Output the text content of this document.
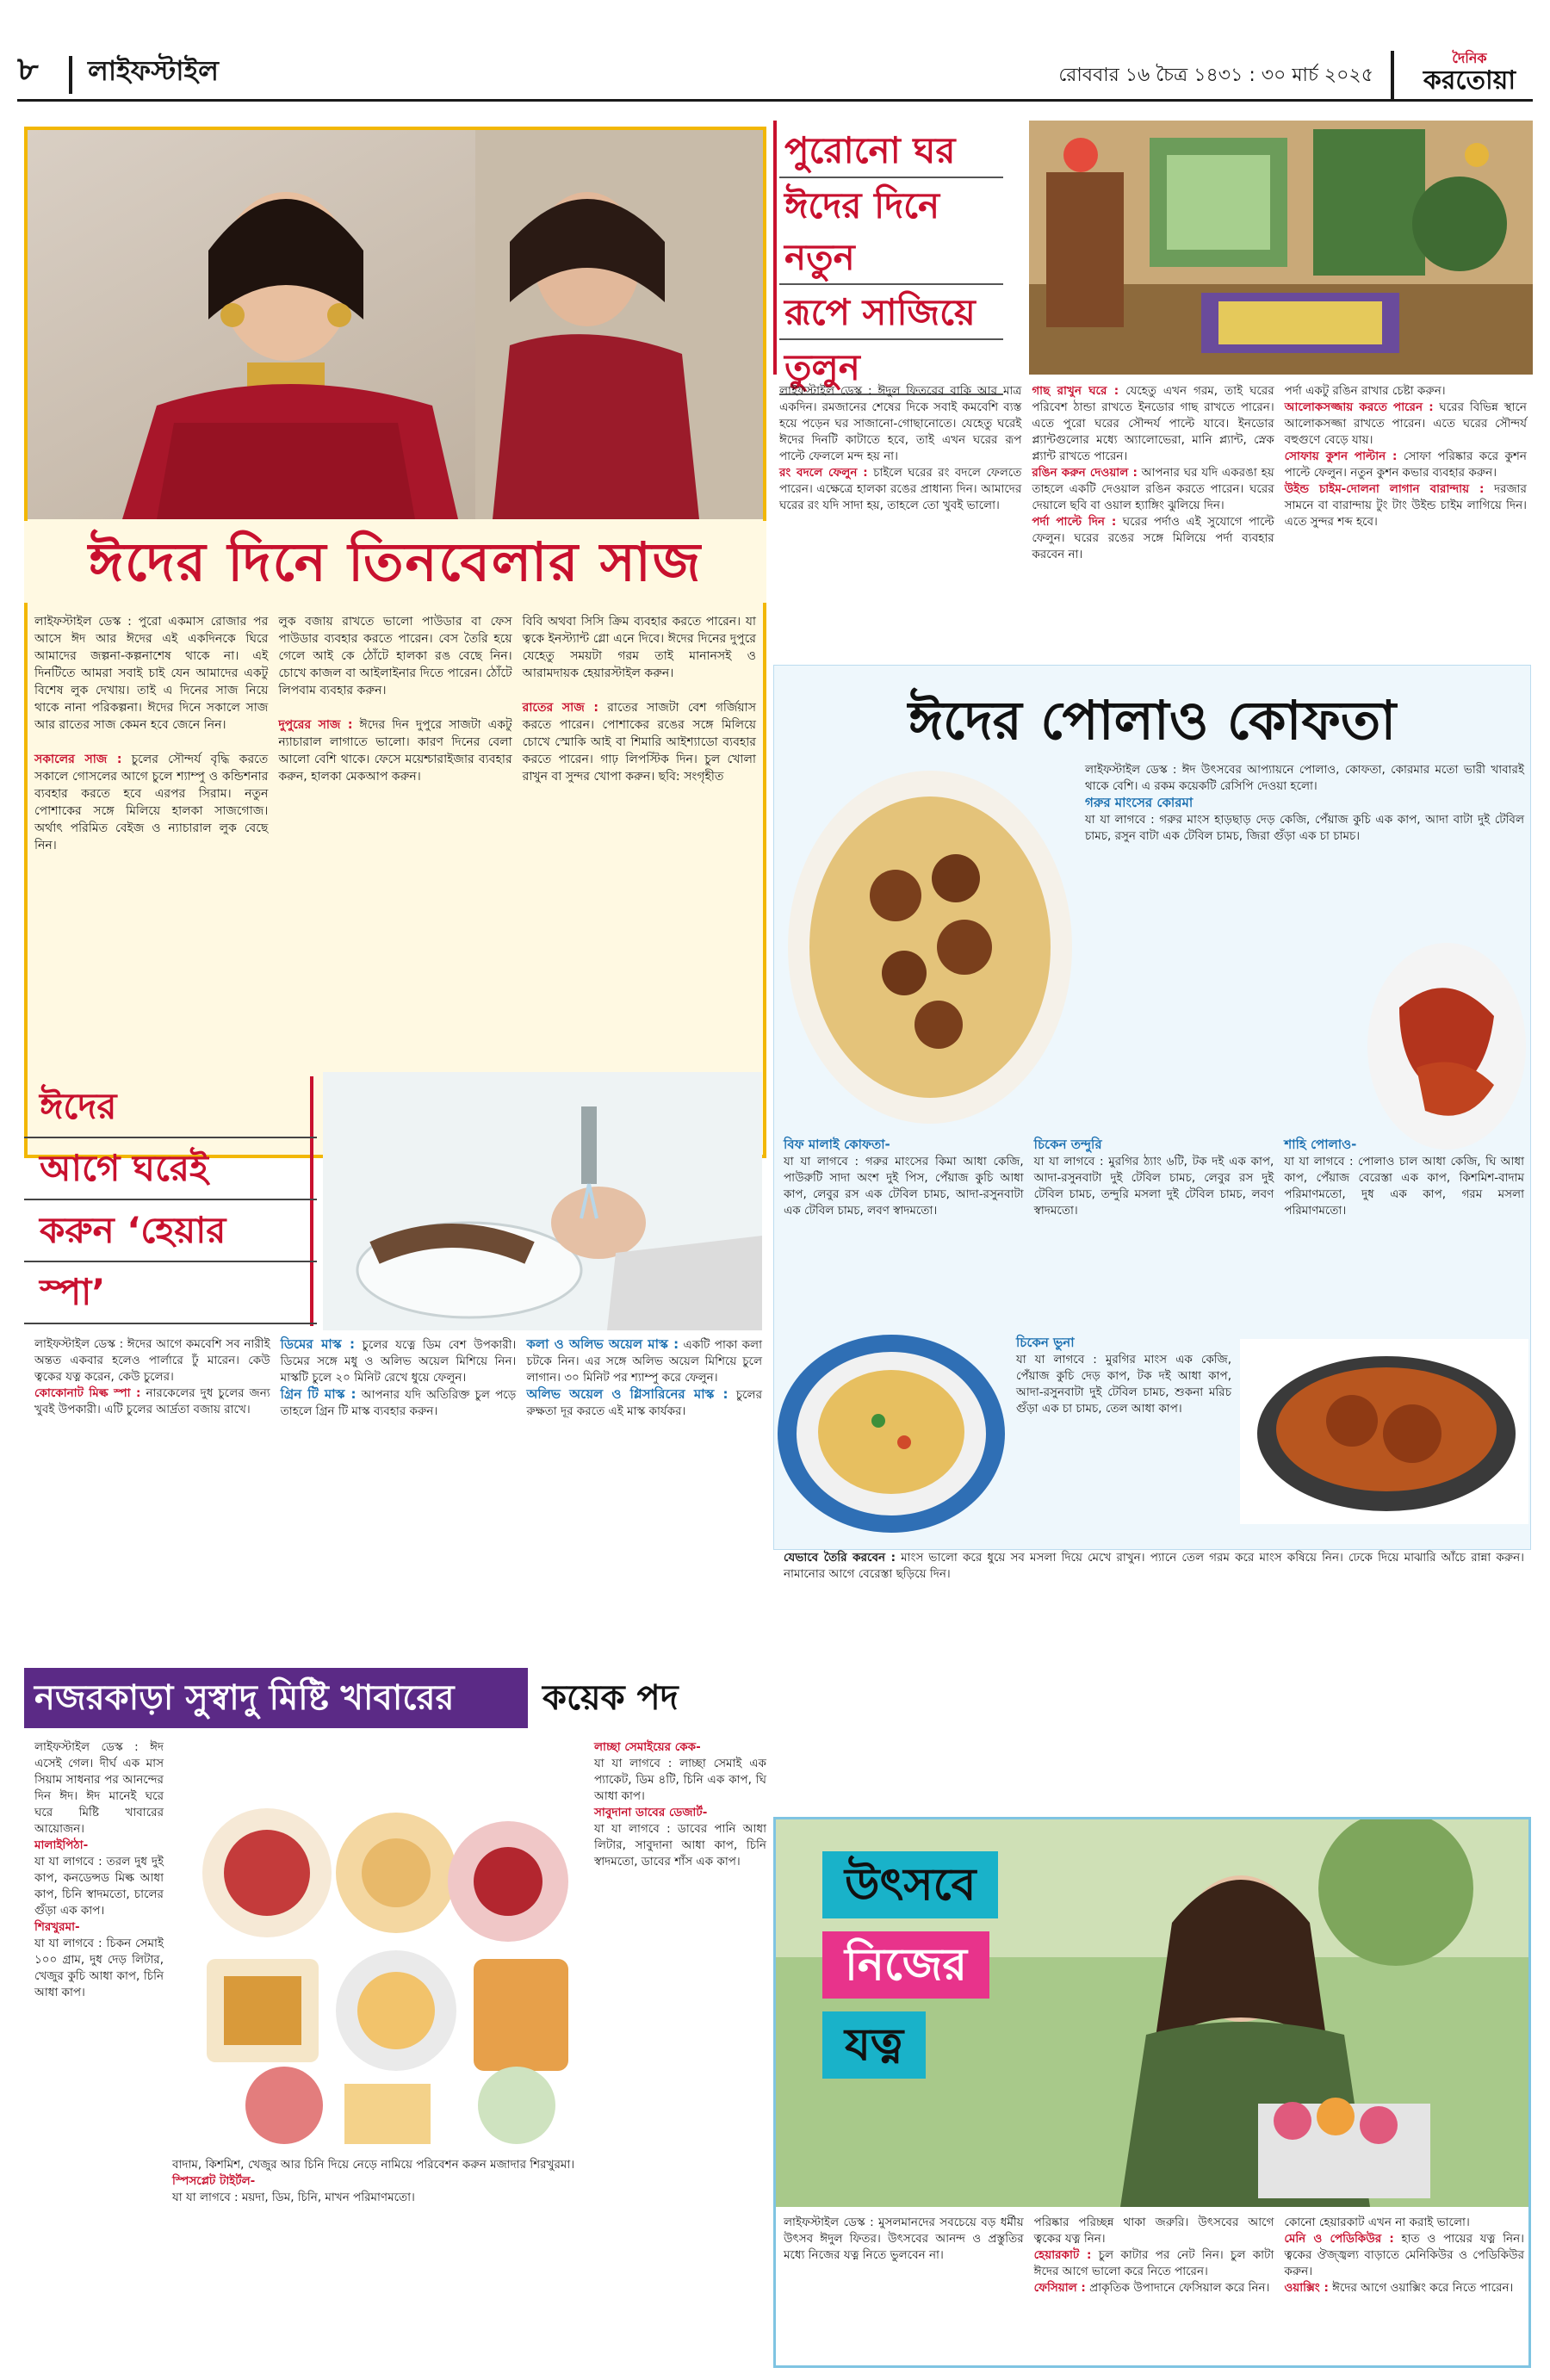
৮	লাইফস্টাইল	রোববার ১৬ চৈত্র ১৪৩১ : ৩০ মার্চ ২০২৫
দৈনিক
করতোয়া
ঈদের দিনে তিনবেলার সাজ

লাইফস্টাইল ডেস্ক : পুরো একমাস রোজার পর আসে ঈদ আর ঈদের এই একদিনকে ঘিরে আমাদের জল্পনা-কল্পনাশেষ থাকে না। এই দিনটিতে আমরা সবাই চাই যেন আমাদের একটু বিশেষ লুক দেখায়। তাই এ দিনের সাজ নিয়ে থাকে নানা পরিকল্পনা। ঈদের দিনে সকালে সাজ আর রাতের সাজ কেমন হবে জেনে নিন।

সকালের সাজ : চুলের সৌন্দর্য বৃদ্ধি করতে সকালে গোসলের আগে চুলে শ্যাম্পু ও কন্ডিশনার ব্যবহার করতে হবে এরপর সিরাম। নতুন পোশাকের সঙ্গে মিলিয়ে হালকা সাজগোজ। অর্থাৎ পরিমিত বেইজ ও ন্যাচারাল লুক বেছে নিন।

লুক বজায় রাখতে ভালো পাউডার বা ফেস পাউডার ব্যবহার করতে পারেন। বেস তৈরি হয়ে গেলে আই কে ঠোঁটে হালকা রঙ বেছে নিন। চোখে কাজল বা আইলাইনার দিতে পারেন। ঠোঁটে লিপবাম ব্যবহার করুন।

দুপুরের সাজ : ঈদের দিন দুপুরে সাজটা একটু ন্যাচারাল লাগাতে ভালো। কারণ দিনের বেলা আলো বেশি থাকে। ফেসে ময়েশ্চারাইজার ব্যবহার করুন, হালকা মেকআপ করুন।

বিবি অথবা সিসি ক্রিম ব্যবহার করতে পারেন। যা ত্বকে ইনস্ট্যান্ট গ্লো এনে দিবে। ঈদের দিনের দুপুরে যেহেতু সময়টা গরম তাই মানানসই ও আরামদায়ক হেয়ারস্টাইল করুন।

রাতের সাজ : রাতের সাজটা বেশ গর্জিয়াস করতে পারেন। পোশাকের রঙের সঙ্গে মিলিয়ে চোখে স্মোকি আই বা শিমারি আইশ্যাডো ব্যবহার করতে পারেন। গাঢ় লিপস্টিক দিন। চুল খোলা রাখুন বা সুন্দর খোপা করুন। ছবি: সংগৃহীত

পুরোনো ঘর
ঈদের দিনে নতুন
রূপে সাজিয়ে
তুলুন

লাইফস্টাইল ডেস্ক : ঈদুল ফিতরের বাকি আর মাত্র একদিন। রমজানের শেষের দিকে সবাই কমবেশি ব্যস্ত হয়ে পড়েন ঘর সাজানো-গোছানোতে। যেহেতু ঘরেই ঈদের দিনটি কাটাতে হবে, তাই এখন ঘরের রূপ পাল্টে ফেললে মন্দ হয় না।
রং বদলে ফেলুন : চাইলে ঘরের রং বদলে ফেলতে পারেন। এক্ষেত্রে হালকা রঙের প্রাধান্য দিন। আমাদের ঘরের রং যদি সাদা হয়, তাহলে তো খুবই ভালো।

গাছ রাখুন ঘরে : যেহেতু এখন গরম, তাই ঘরের পরিবেশ ঠান্ডা রাখতে ইনডোর গাছ রাখতে পারেন। এতে পুরো ঘরের সৌন্দর্য পাল্টে যাবে। ইনডোর প্ল্যান্টগুলোর মধ্যে অ্যালোভেরা, মানি প্ল্যান্ট, স্নেক প্ল্যান্ট রাখতে পারেন।
রঙিন করুন দেওয়াল : আপনার ঘর যদি একরঙা হয় তাহলে একটি দেওয়াল রঙিন করতে পারেন। ঘরের দেয়ালে ছবি বা ওয়াল হ্যাঙ্গিং ঝুলিয়ে দিন।
পর্দা পাল্টে দিন : ঘরের পর্দাও এই সুযোগে পাল্টে ফেলুন। ঘরের রঙের সঙ্গে মিলিয়ে পর্দা ব্যবহার করবেন না।

পর্দা একটু রঙিন রাখার চেষ্টা করুন।
আলোকসজ্জায় করতে পারেন : ঘরের বিভিন্ন স্থানে আলোকসজ্জা রাখতে পারেন। এতে ঘরের সৌন্দর্য বহুগুণে বেড়ে যায়।
সোফায় কুশন পাল্টান : সোফা পরিষ্কার করে কুশন পাল্টে ফেলুন। নতুন কুশন কভার ব্যবহার করুন।
উইন্ড চাইম-দোলনা লাগান বারান্দায় : দরজার সামনে বা বারান্দায় টুং টাং উইন্ড চাইম লাগিয়ে দিন। এতে সুন্দর শব্দ হবে।

ঈদের পোলাও কোফতা

লাইফস্টাইল ডেস্ক : ঈদ উৎসবের আপ্যায়নে পোলাও, কোফতা, কোরমার মতো ভারী খাবারই থাকে বেশি। এ রকম কয়েকটি রেসিপি দেওয়া হলো।
গরুর মাংসের কোরমা
যা যা লাগবে : গরুর মাংস হাড়ছাড় দেড় কেজি, পেঁয়াজ কুচি এক কাপ, আদা বাটা দুই টেবিল চামচ, রসুন বাটা এক টেবিল চামচ, জিরা গুঁড়া এক চা চামচ।

বিফ মালাই কোফতা-
যা যা লাগবে : গরুর মাংসের কিমা আধা কেজি, পাউরুটি সাদা অংশ দুই পিস, পেঁয়াজ কুচি আধা কাপ, লেবুর রস এক টেবিল চামচ, আদা-রসুনবাটা এক টেবিল চামচ, লবণ স্বাদমতো।

চিকেন তন্দুরি
যা যা লাগবে : মুরগির ঠ্যাং ৬টি, টক দই এক কাপ, আদা-রসুনবাটা দুই টেবিল চামচ, লেবুর রস দুই টেবিল চামচ, তন্দুরি মসলা দুই টেবিল চামচ, লবণ স্বাদমতো।

শাহি পোলাও-
যা যা লাগবে : পোলাও চাল আধা কেজি, ঘি আধা কাপ, পেঁয়াজ বেরেস্তা এক কাপ, কিশমিশ-বাদাম পরিমাণমতো, দুধ এক কাপ, গরম মসলা পরিমাণমতো।

চিকেন ভুনা
যা যা লাগবে : মুরগির মাংস এক কেজি, পেঁয়াজ কুচি দেড় কাপ, টক দই আধা কাপ, আদা-রসুনবাটা দুই টেবিল চামচ, শুকনা মরিচ গুঁড়া এক চা চামচ, তেল আধা কাপ।

যেভাবে তৈরি করবেন : মাংস ভালো করে ধুয়ে সব মসলা দিয়ে মেখে রাখুন। প্যানে তেল গরম করে মাংস কষিয়ে নিন। ঢেকে দিয়ে মাঝারি আঁচে রান্না করুন। নামানোর আগে বেরেস্তা ছড়িয়ে দিন।

ঈদের
আগে ঘরেই
করুন ‘হেয়ার
স্পা’

লাইফস্টাইল ডেস্ক : ঈদের আগে কমবেশি সব নারীই অন্তত একবার হলেও পার্লারে ঢুঁ মারেন। কেউ ত্বকের যত্ন করেন, কেউ চুলের।
কোকোনাট মিল্ক স্পা : নারকেলের দুধ চুলের জন্য খুবই উপকারী। এটি চুলের আর্দ্রতা বজায় রাখে।

ডিমের মাস্ক : চুলের যত্নে ডিম বেশ উপকারী। ডিমের সঙ্গে মধু ও অলিভ অয়েল মিশিয়ে নিন। মাস্কটি চুলে ২০ মিনিট রেখে ধুয়ে ফেলুন।
গ্রিন টি মাস্ক : আপনার যদি অতিরিক্ত চুল পড়ে তাহলে গ্রিন টি মাস্ক ব্যবহার করুন।

কলা ও অলিভ অয়েল মাস্ক : একটি পাকা কলা চটকে নিন। এর সঙ্গে অলিভ অয়েল মিশিয়ে চুলে লাগান। ৩০ মিনিট পর শ্যাম্পু করে ফেলুন।
অলিভ অয়েল ও গ্লিসারিনের মাস্ক : চুলের রুক্ষতা দূর করতে এই মাস্ক কার্যকর।

নজরকাড়া সুস্বাদু মিষ্টি খাবারের	কয়েক পদ

লাইফস্টাইল ডেস্ক : ঈদ এসেই গেল। দীর্ঘ এক মাস সিয়াম সাধনার পর আনন্দের দিন ঈদ। ঈদ মানেই ঘরে ঘরে মিষ্টি খাবারের আয়োজন।
মালাইপিঠা-
যা যা লাগবে : তরল দুধ দুই কাপ, কনডেন্সড মিল্ক আধা কাপ, চিনি স্বাদমতো, চালের গুঁড়া এক কাপ।
শিরখুরমা-
যা যা লাগবে : চিকন সেমাই ১০০ গ্রাম, দুধ দেড় লিটার, খেজুর কুচি আধা কাপ, চিনি আধা কাপ।

বাদাম, কিশমিশ, খেজুর আর চিনি দিয়ে নেড়ে নামিয়ে পরিবেশন করুন মজাদার শিরখুরমা।
স্পিসপ্লেট টাইর্টল-
যা যা লাগবে : ময়দা, ডিম, চিনি, মাখন পরিমাণমতো।

লাচ্ছা সেমাইয়ের কেক-
যা যা লাগবে : লাচ্ছা সেমাই এক প্যাকেট, ডিম ৪টি, চিনি এক কাপ, ঘি আধা কাপ।
সাবুদানা ডাবের ডেজার্ট-
যা যা লাগবে : ডাবের পানি আধা লিটার, সাবুদানা আধা কাপ, চিনি স্বাদমতো, ডাবের শাঁস এক কাপ।	উৎসবে
নিজের
যত্ন

লাইফস্টাইল ডেস্ক : মুসলমানদের সবচেয়ে বড় ধর্মীয় উৎসব ঈদুল ফিতর। উৎসবের আনন্দ ও প্রস্তুতির মধ্যে নিজের যত্ন নিতে ভুলবেন না।

পরিষ্কার পরিচ্ছন্ন থাকা জরুরি। উৎসবের আগে ত্বকের যত্ন নিন।
হেয়ারকাট : চুল কাটার পর নেট নিন। চুল কাটা ঈদের আগে ভালো করে নিতে পারেন।
ফেসিয়াল : প্রাকৃতিক উপাদানে ফেসিয়াল করে নিন।

কোনো হেয়ারকাট এখন না করাই ভালো।
মেনি ও পেডিকিউর : হাত ও পায়ের যত্ন নিন। ত্বকের ঔজ্জ্বল্য বাড়াতে মেনিকিউর ও পেডিকিউর করুন।
ওয়াক্সিং : ঈদের আগে ওয়াক্সিং করে নিতে পারেন।
